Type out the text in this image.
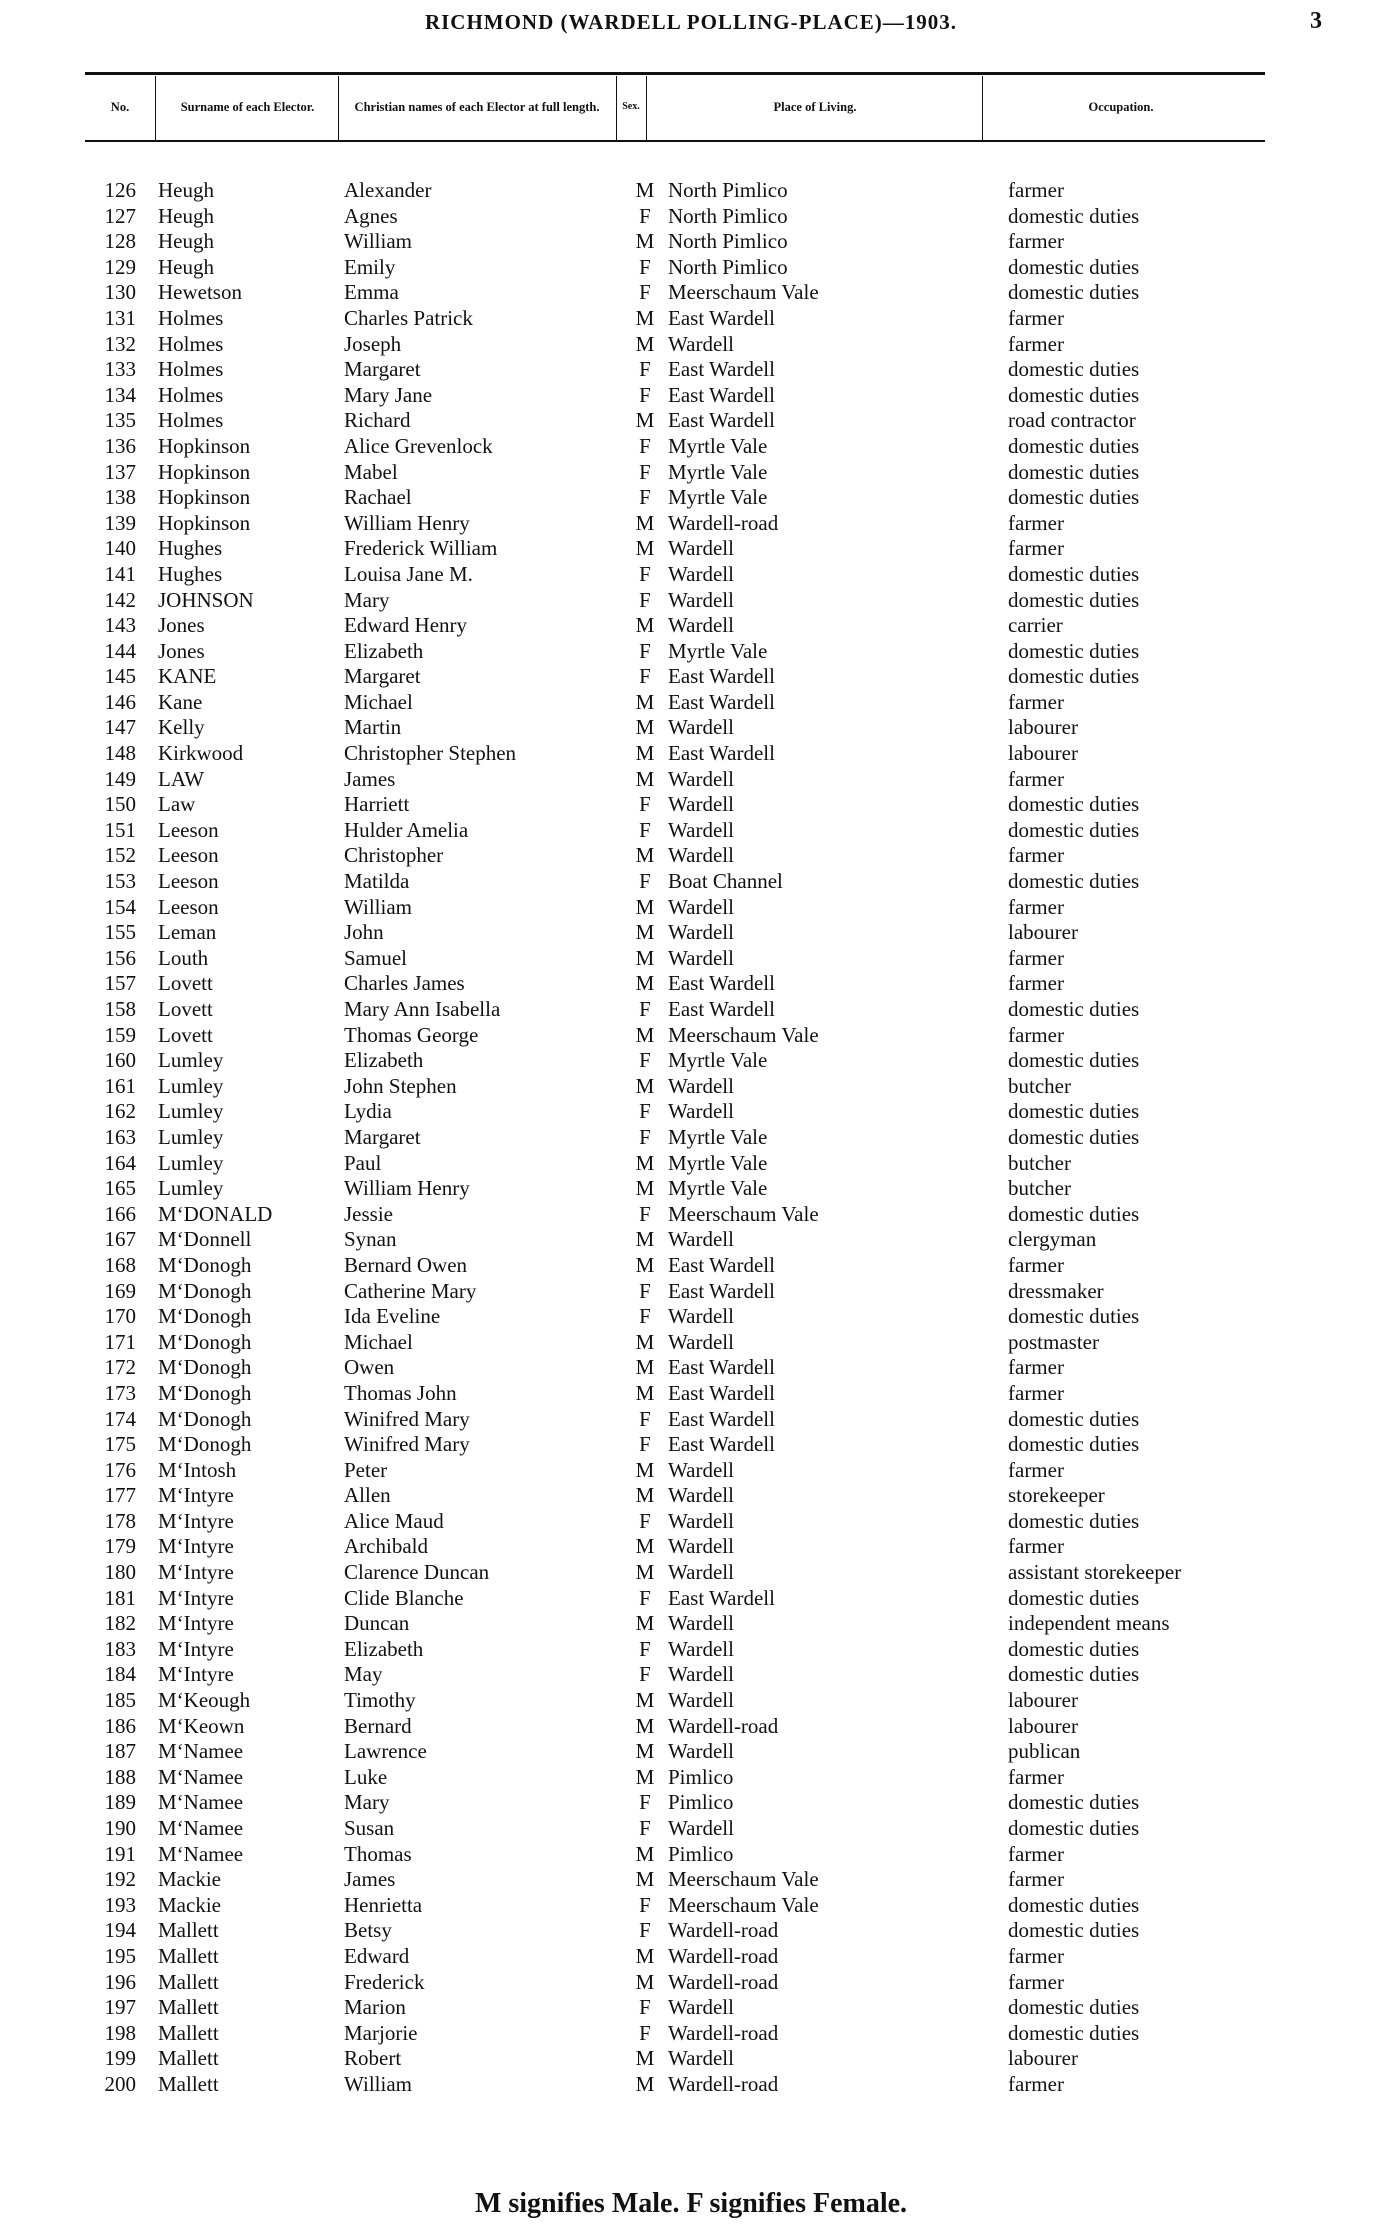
RICHMOND (WARDELL POLLING-PLACE)—1903.	3
No.	Surname of each Elector.	Christian names of each Elector at full length.	Sex.	Place of Living.	Occupation.
126 Heugh	Alexander	M North Pimlico	farmer
127 Heugh	Agnes	F North Pimlico	domestic duties
128 Heugh	William	M North Pimlico	farmer
129 Heugh	Emily	F North Pimlico	domestic duties
130 Hewetson	Emma	F Meerschaum Vale	domestic duties
131 Holmes	Charles Patrick	M East Wardell	farmer
132 Holmes	Joseph	M Wardell	farmer
133 Holmes	Margaret	F East Wardell	domestic duties
134 Holmes	Mary Jane	F East Wardell	domestic duties
135 Holmes	Richard	M East Wardell	road contractor
136 Hopkinson	Alice Grevenlock	F Myrtle Vale	domestic duties
137 Hopkinson	Mabel	F Myrtle Vale	domestic duties
138 Hopkinson	Rachael	F Myrtle Vale	domestic duties
139 Hopkinson	William Henry	M Wardell-road	farmer
140 Hughes	Frederick William	M Wardell	farmer
141 Hughes	Louisa Jane M.	F Wardell	domestic duties
142 JOHNSON	Mary	F Wardell	domestic duties
143 Jones	Edward Henry	M Wardell	carrier
144 Jones	Elizabeth	F Myrtle Vale	domestic duties
145 KANE	Margaret	F East Wardell	domestic duties
146 Kane	Michael	M East Wardell	farmer
147 Kelly	Martin	M Wardell	labourer
148 Kirkwood	Christopher Stephen	M East Wardell	labourer
149 LAW	James	M Wardell	farmer
150 Law	Harriett	F Wardell	domestic duties
151 Leeson	Hulder Amelia	F Wardell	domestic duties
152 Leeson	Christopher	M Wardell	farmer
153 Leeson	Matilda	F Boat Channel	domestic duties
154 Leeson	William	M Wardell	farmer
155 Leman	John	M Wardell	labourer
156 Louth	Samuel	M Wardell	farmer
157 Lovett	Charles James	M East Wardell	farmer
158 Lovett	Mary Ann Isabella	F East Wardell	domestic duties
159 Lovett	Thomas George	M Meerschaum Vale	farmer
160 Lumley	Elizabeth	F Myrtle Vale	domestic duties
161 Lumley	John Stephen	M Wardell	butcher
162 Lumley	Lydia	F Wardell	domestic duties
163 Lumley	Margaret	F Myrtle Vale	domestic duties
164 Lumley	Paul	M Myrtle Vale	butcher
165 Lumley	William Henry	M Myrtle Vale	butcher
166 M‘DONALD	Jessie	F Meerschaum Vale	domestic duties
167 M‘Donnell	Synan	M Wardell	clergyman
168 M‘Donogh	Bernard Owen	M East Wardell	farmer
169 M‘Donogh	Catherine Mary	F East Wardell	dressmaker
170 M‘Donogh	Ida Eveline	F Wardell	domestic duties
171 M‘Donogh	Michael	M Wardell	postmaster
172 M‘Donogh	Owen	M East Wardell	farmer
173 M‘Donogh	Thomas John	M East Wardell	farmer
174 M‘Donogh	Winifred Mary	F East Wardell	domestic duties
175 M‘Donogh	Winifred Mary	F East Wardell	domestic duties
176 M‘Intosh	Peter	M Wardell	farmer
177 M‘Intyre	Allen	M Wardell	storekeeper
178 M‘Intyre	Alice Maud	F Wardell	domestic duties
179 M‘Intyre	Archibald	M Wardell	farmer
180 M‘Intyre	Clarence Duncan	M Wardell	assistant storekeeper
181 M‘Intyre	Clide Blanche	F East Wardell	domestic duties
182 M‘Intyre	Duncan	M Wardell	independent means
183 M‘Intyre	Elizabeth	F Wardell	domestic duties
184 M‘Intyre	May	F Wardell	domestic duties
185 M‘Keough	Timothy	M Wardell	labourer
186 M‘Keown	Bernard	M Wardell-road	labourer
187 M‘Namee	Lawrence	M Wardell	publican
188 M‘Namee	Luke	M Pimlico	farmer
189 M‘Namee	Mary	F Pimlico	domestic duties
190 M‘Namee	Susan	F Wardell	domestic duties
191 M‘Namee	Thomas	M Pimlico	farmer
192 Mackie	James	M Meerschaum Vale	farmer
193 Mackie	Henrietta	F Meerschaum Vale	domestic duties
194 Mallett	Betsy	F Wardell-road	domestic duties
195 Mallett	Edward	M Wardell-road	farmer
196 Mallett	Frederick	M Wardell-road	farmer
197 Mallett	Marion	F Wardell	domestic duties
198 Mallett	Marjorie	F Wardell-road	domestic duties
199 Mallett	Robert	M Wardell	labourer
200 Mallett	William	M Wardell-road	farmer
M signifies Male. F signifies Female.
